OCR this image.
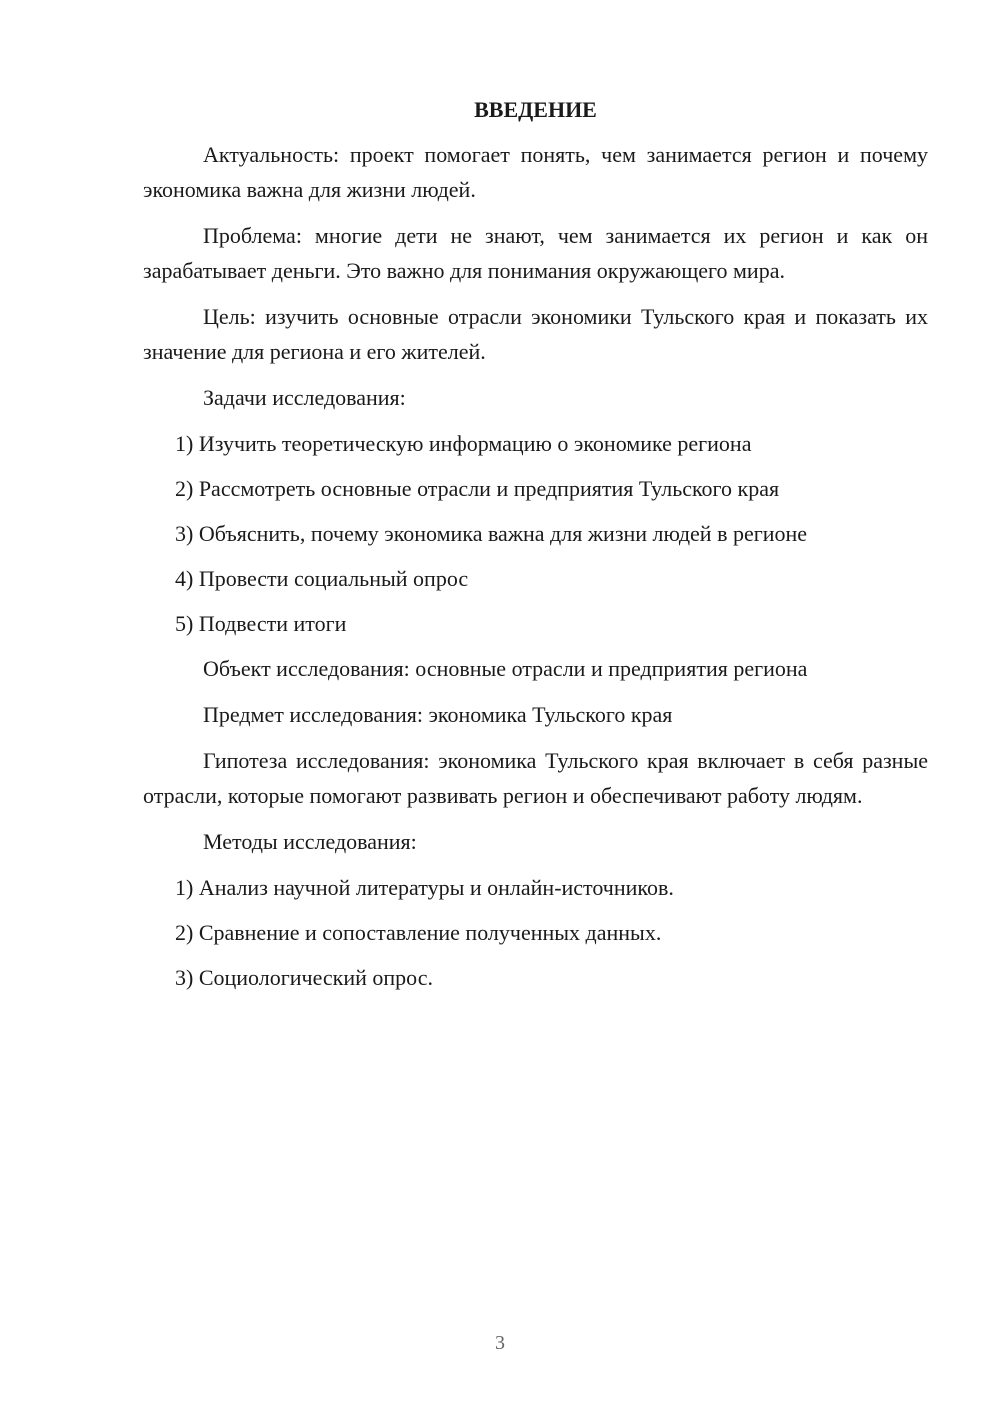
ВВЕДЕНИЕ

Актуальность: проект помогает понять, чем занимается регион и почему экономика важна для жизни людей.

Проблема: многие дети не знают, чем занимается их регион и как он зарабатывает деньги. Это важно для понимания окружающего мира.

Цель: изучить основные отрасли экономики Тульского края и показать их значение для региона и его жителей.

Задачи исследования:

1) Изучить теоретическую информацию о экономике региона
2) Рассмотреть основные отрасли и предприятия Тульского края
3) Объяснить, почему экономика важна для жизни людей в регионе
4) Провести социальный опрос
5) Подвести итоги

Объект исследования: основные отрасли и предприятия региона

Предмет исследования: экономика Тульского края

Гипотеза исследования: экономика Тульского края включает в себя разные отрасли, которые помогают развивать регион и обеспечивают работу людям.

Методы исследования:

1) Анализ научной литературы и онлайн-источников.
2) Сравнение и сопоставление полученных данных.
3) Социологический опрос.
3
